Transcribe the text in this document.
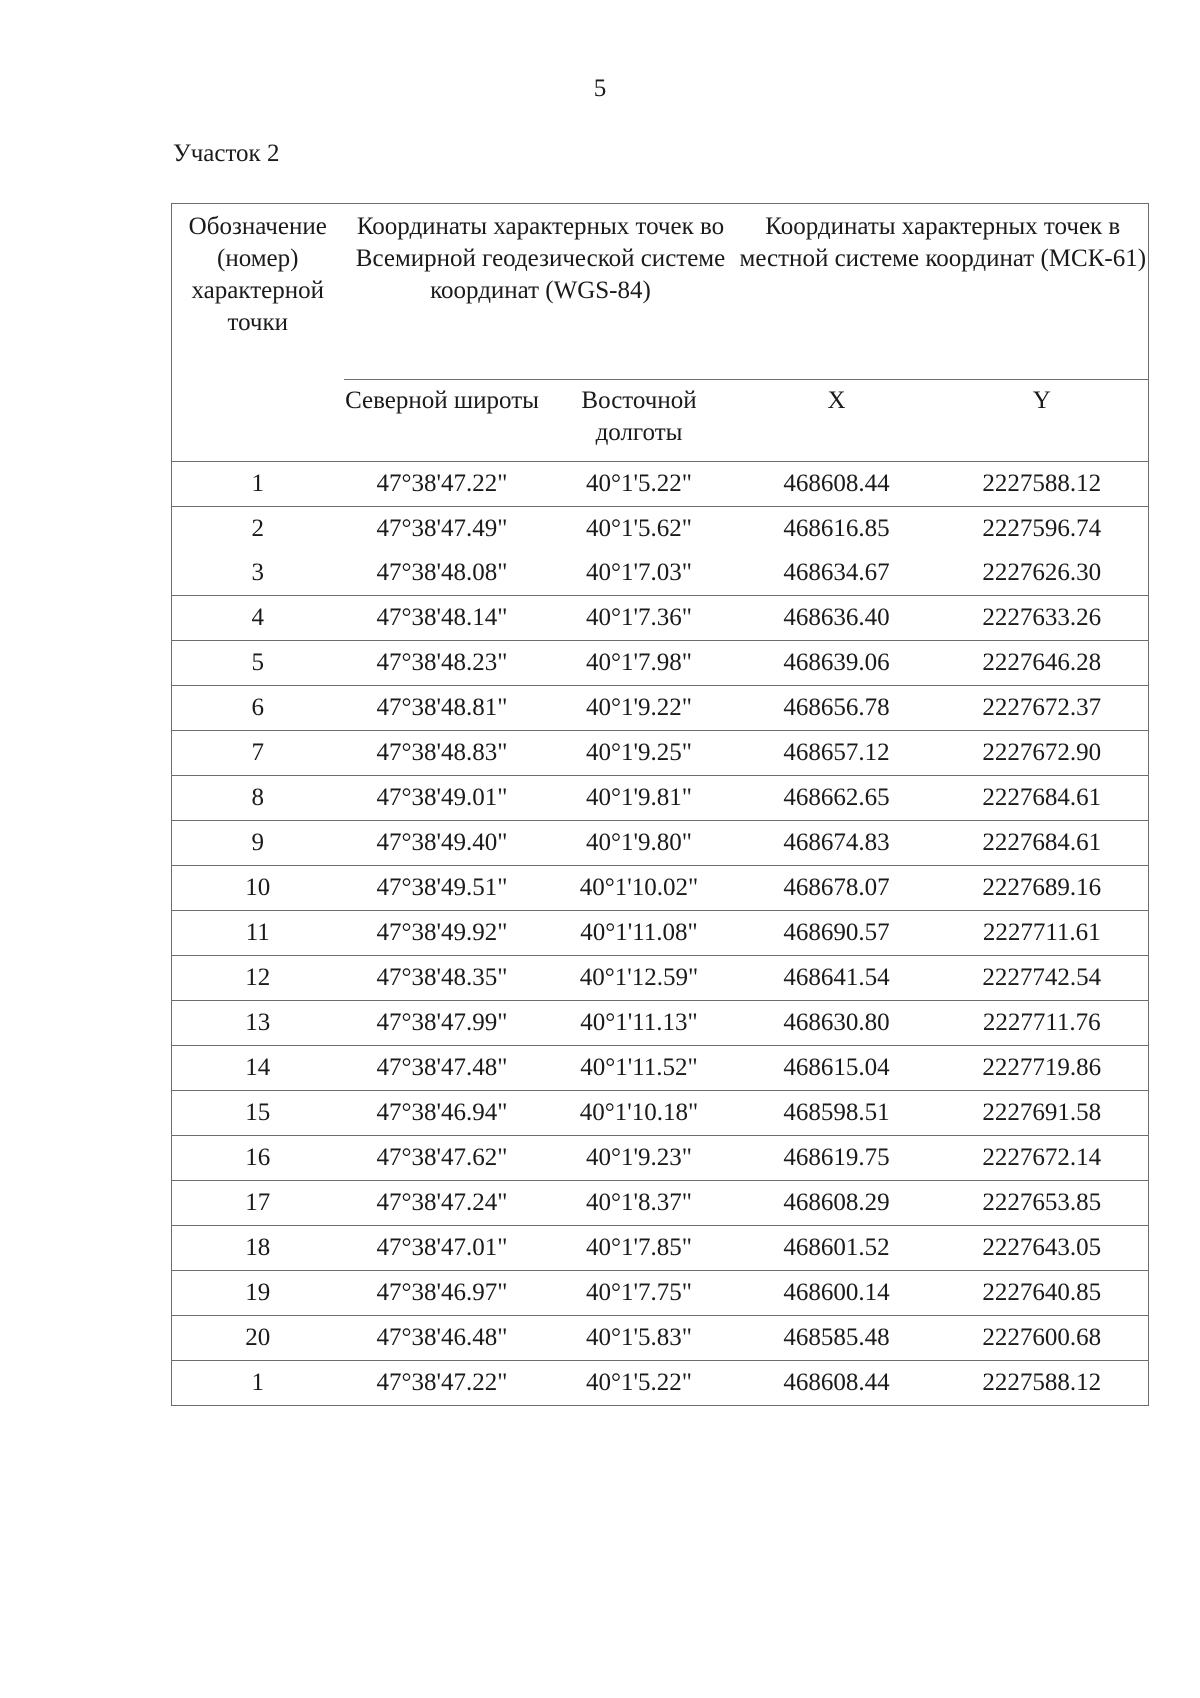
5
Участок 2
Обозначение (номер) характерной точки	Координаты характерных точек во Всемирной геодезической системе координат (WGS-84)		Координаты характерных точек в местной системе координат (МСК-61)	
	Северной широты	Восточной долготы	X	Y
1	47°38'47.22"	40°1'5.22"	468608.44	2227588.12
2	47°38'47.49"	40°1'5.62"	468616.85	2227596.74
3	47°38'48.08"	40°1'7.03"	468634.67	2227626.30
4	47°38'48.14"	40°1'7.36"	468636.40	2227633.26
5	47°38'48.23"	40°1'7.98"	468639.06	2227646.28
6	47°38'48.81"	40°1'9.22"	468656.78	2227672.37
7	47°38'48.83"	40°1'9.25"	468657.12	2227672.90
8	47°38'49.01"	40°1'9.81"	468662.65	2227684.61
9	47°38'49.40"	40°1'9.80"	468674.83	2227684.61
10	47°38'49.51"	40°1'10.02"	468678.07	2227689.16
11	47°38'49.92"	40°1'11.08"	468690.57	2227711.61
12	47°38'48.35"	40°1'12.59"	468641.54	2227742.54
13	47°38'47.99"	40°1'11.13"	468630.80	2227711.76
14	47°38'47.48"	40°1'11.52"	468615.04	2227719.86
15	47°38'46.94"	40°1'10.18"	468598.51	2227691.58
16	47°38'47.62"	40°1'9.23"	468619.75	2227672.14
17	47°38'47.24"	40°1'8.37"	468608.29	2227653.85
18	47°38'47.01"	40°1'7.85"	468601.52	2227643.05
19	47°38'46.97"	40°1'7.75"	468600.14	2227640.85
20	47°38'46.48"	40°1'5.83"	468585.48	2227600.68
1	47°38'47.22"	40°1'5.22"	468608.44	2227588.12
